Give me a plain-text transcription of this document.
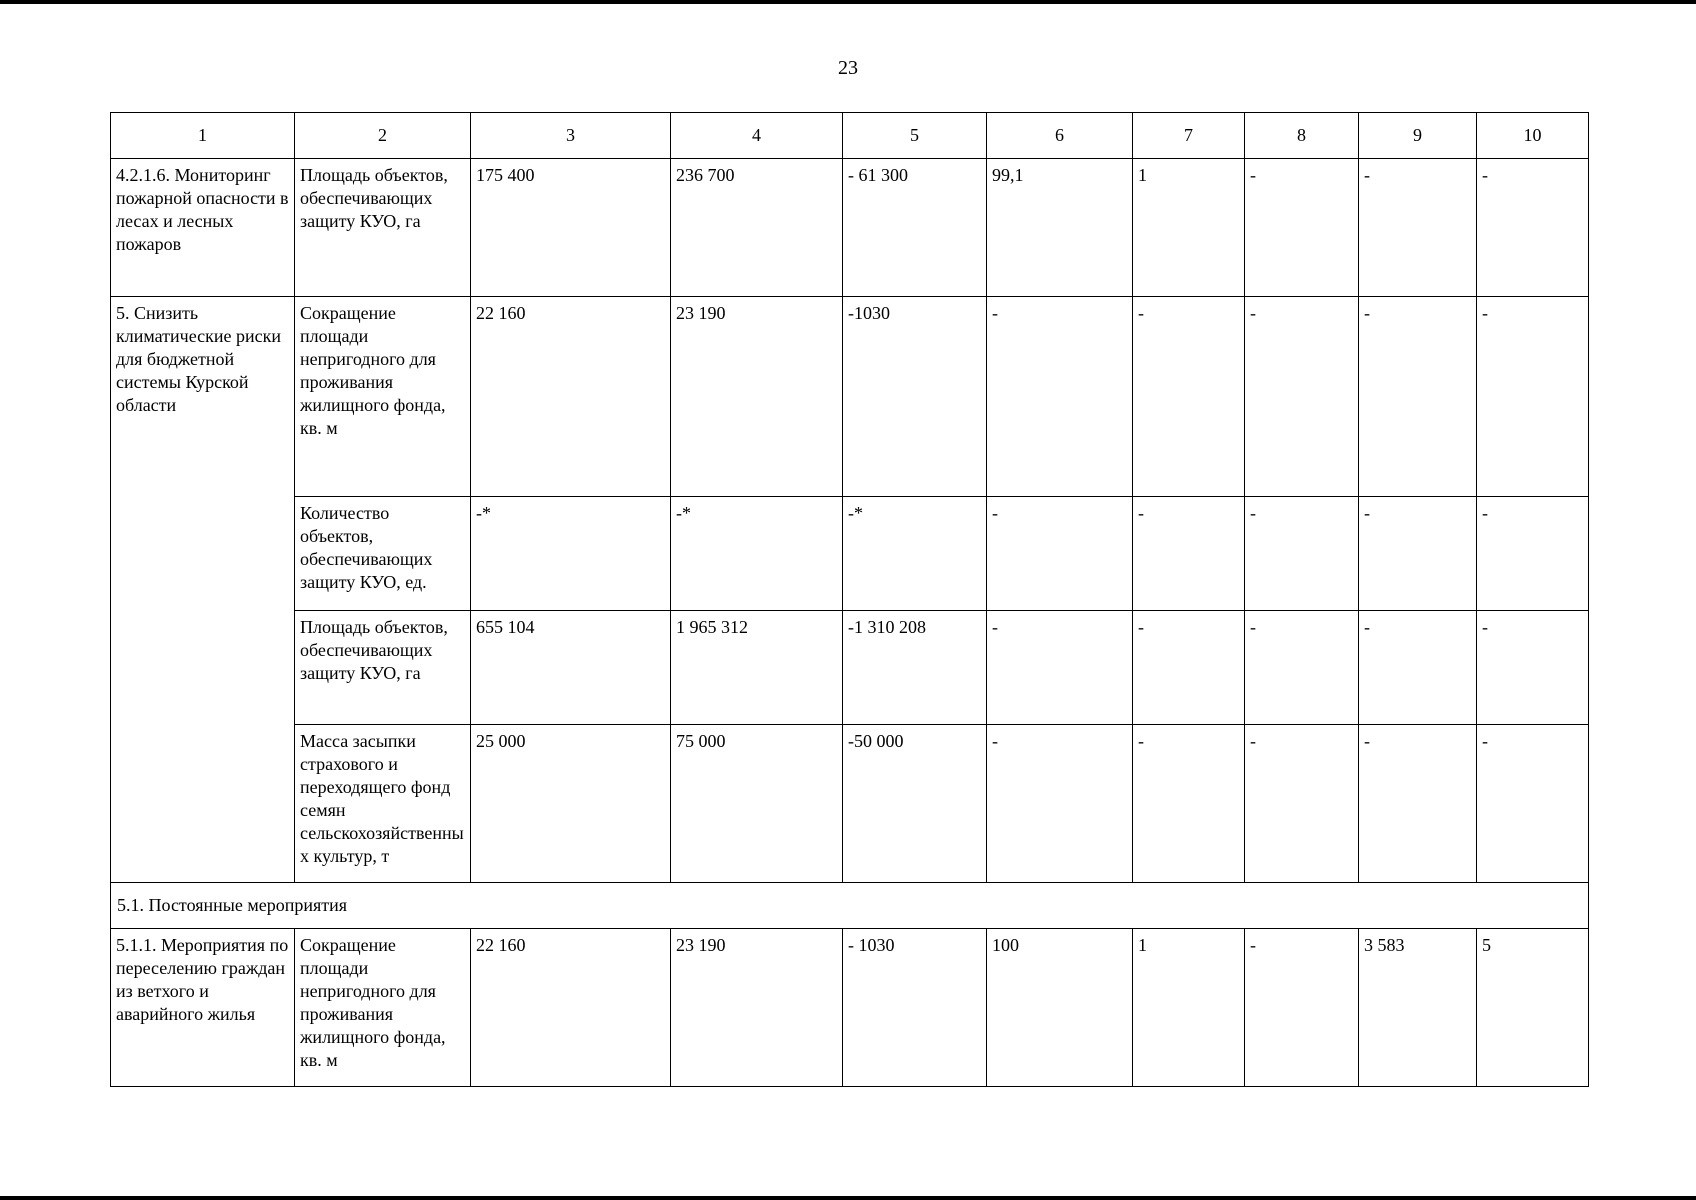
23
1	2	3	4	5	6	7	8	9	10
4.2.1.6. Мониторинг пожарной опасности в лесах и лесных пожаров	Площадь объектов, обеспечивающих защиту КУО, га	175 400	236 700	- 61 300	99,1	1	-	-	-
5. Снизить климатические риски для бюджетной системы Курской области	Сокращение площади непригодного для проживания жилищного фонда, кв. м	22 160	23 190	-1030	-	-	-	-	-
	Количество объектов, обеспечивающих защиту КУО, ед.	-*	-*	-*	-	-	-	-	-
	Площадь объектов, обеспечивающих защиту КУО, га	655 104	1 965 312	-1 310 208	-	-	-	-	-
	Масса засыпки страхового и переходящего фонд семян сельскохозяйственных культур, т	25 000	75 000	-50 000	-	-	-	-	-
5.1. Постоянные мероприятия									
5.1.1. Мероприятия по переселению граждан из ветхого и аварийного жилья	Сокращение площади непригодного для проживания жилищного фонда, кв. м	22 160	23 190	- 1030	100	1	-	3 583	5
